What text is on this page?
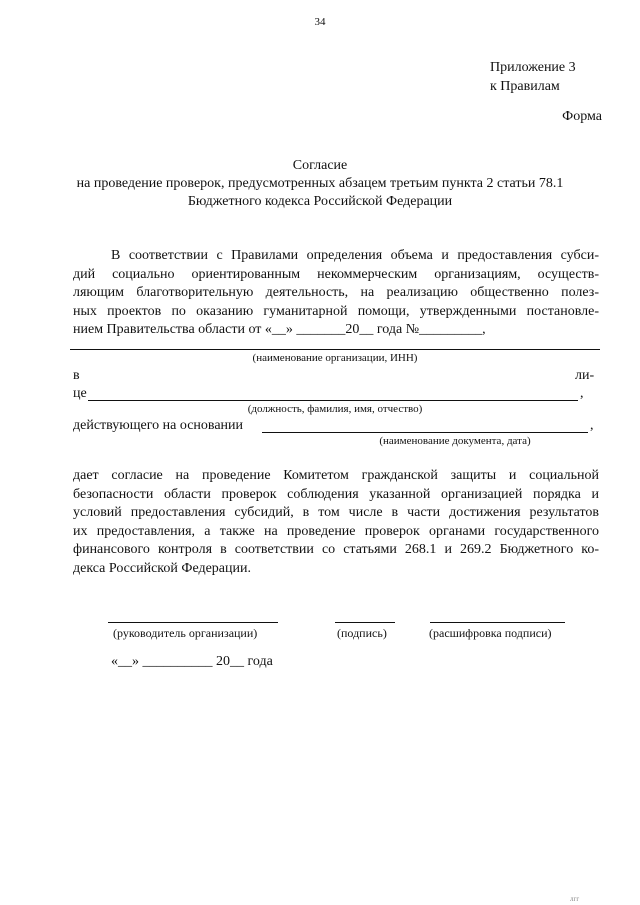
34
Приложение 3
к Правилам
Форма
Согласие
на проведение проверок, предусмотренных абзацем третьим пункта 2 статьи 78.1
Бюджетного кодекса Российской Федерации
В соответствии с Правилами определения объема и предоставления субси-
дий социально ориентированным некоммерческим организациям, осуществ-
ляющим благотворительную деятельность, на реализацию общественно полез-
ных проектов по оказанию гуманитарной помощи, утвержденными постановле-
нием Правительства области от «__» _______20__ года №_________,
(наименование организации, ИНН)
в	ли-
це	,
(должность, фамилия, имя, отчество)
действующего на основании	,
(наименование документа, дата)
дает согласие на проведение Комитетом гражданской защиты и социальной
безопасности области проверок соблюдения указанной организацией порядка и
условий предоставления субсидий, в том числе в части достижения результатов
их предоставления, а также на проведение проверок органами государственного
финансового контроля в соответствии со статьями 268.1 и 269.2 Бюджетного ко-
декса Российской Федерации.
(руководитель организации)	(подпись)	(расшифровка подписи)
«__» __________ 20__ года
лгг
